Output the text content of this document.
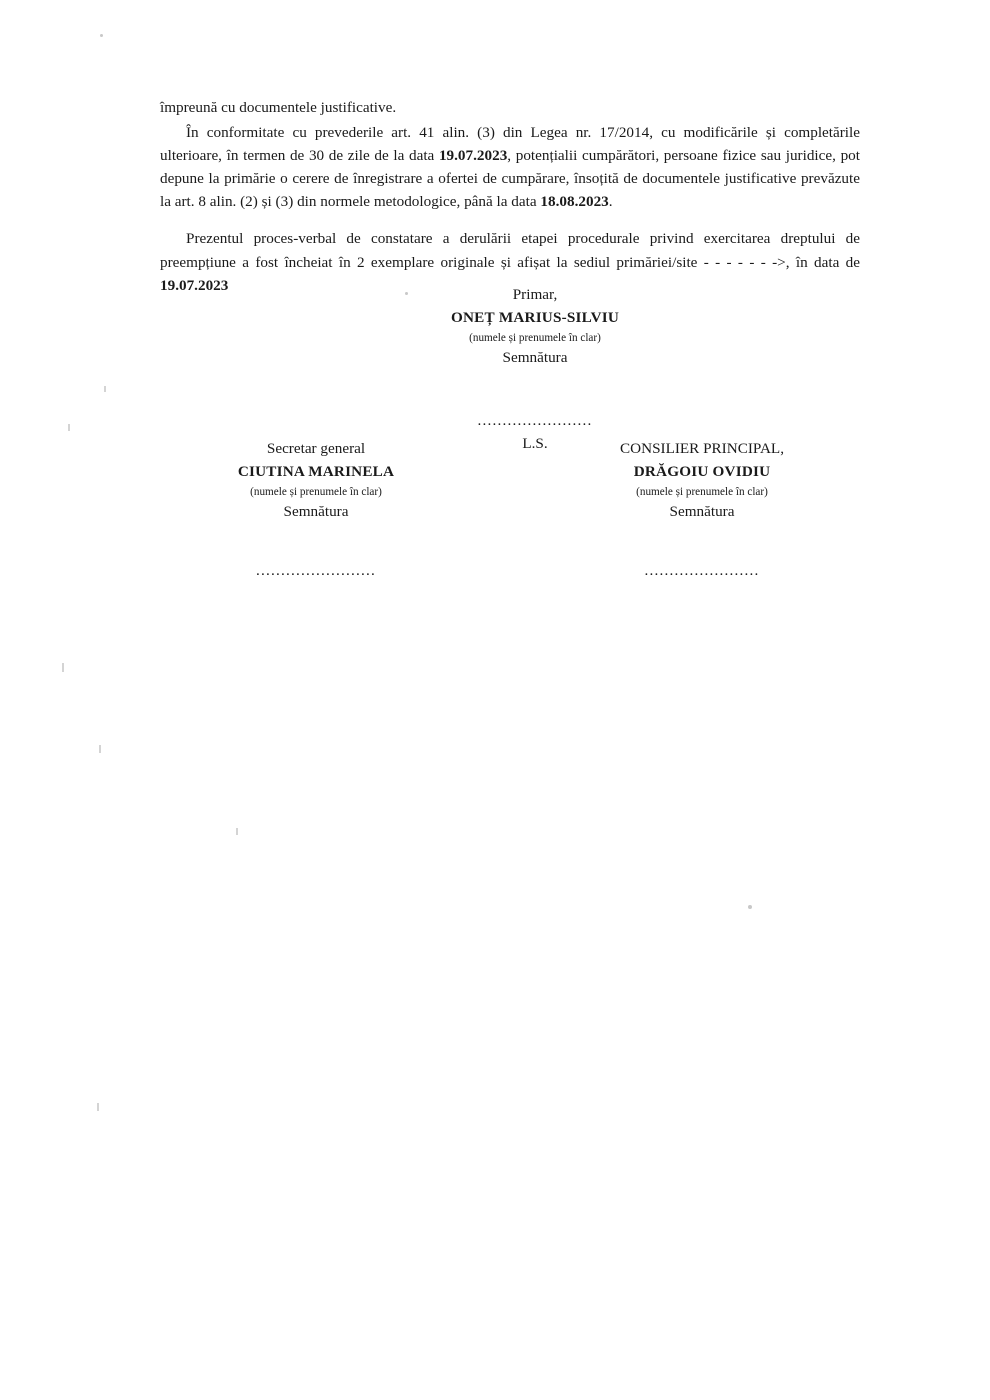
împreună cu documentele justificative.

În conformitate cu prevederile art. 41 alin. (3) din Legea nr. 17/2014, cu modificările și completările ulterioare, în termen de 30 de zile de la data 19.07.2023, potențialii cumpărători, persoane fizice sau juridice, pot depune la primărie o cerere de înregistrare a ofertei de cumpărare, însoțită de documentele justificative prevăzute la art. 8 alin. (2) și (3) din normele metodologice, până la data 18.08.2023.

Prezentul proces-verbal de constatare a derulării etapei procedurale privind exercitarea dreptului de preempțiune a fost încheiat în 2 exemplare originale și afișat la sediul primăriei/site - - - - - - ->, în data de 19.07.2023

Primar,
ONEȚ MARIUS-SILVIU
(numele și prenumele în clar)
Semnătura
.......................
L.S.
Secretar general
CIUTINA MARINELA
(numele și prenumele în clar)
Semnătura
........................
CONSILIER PRINCIPAL,
DRĂGOIU OVIDIU
(numele și prenumele în clar)
Semnătura
.......................
